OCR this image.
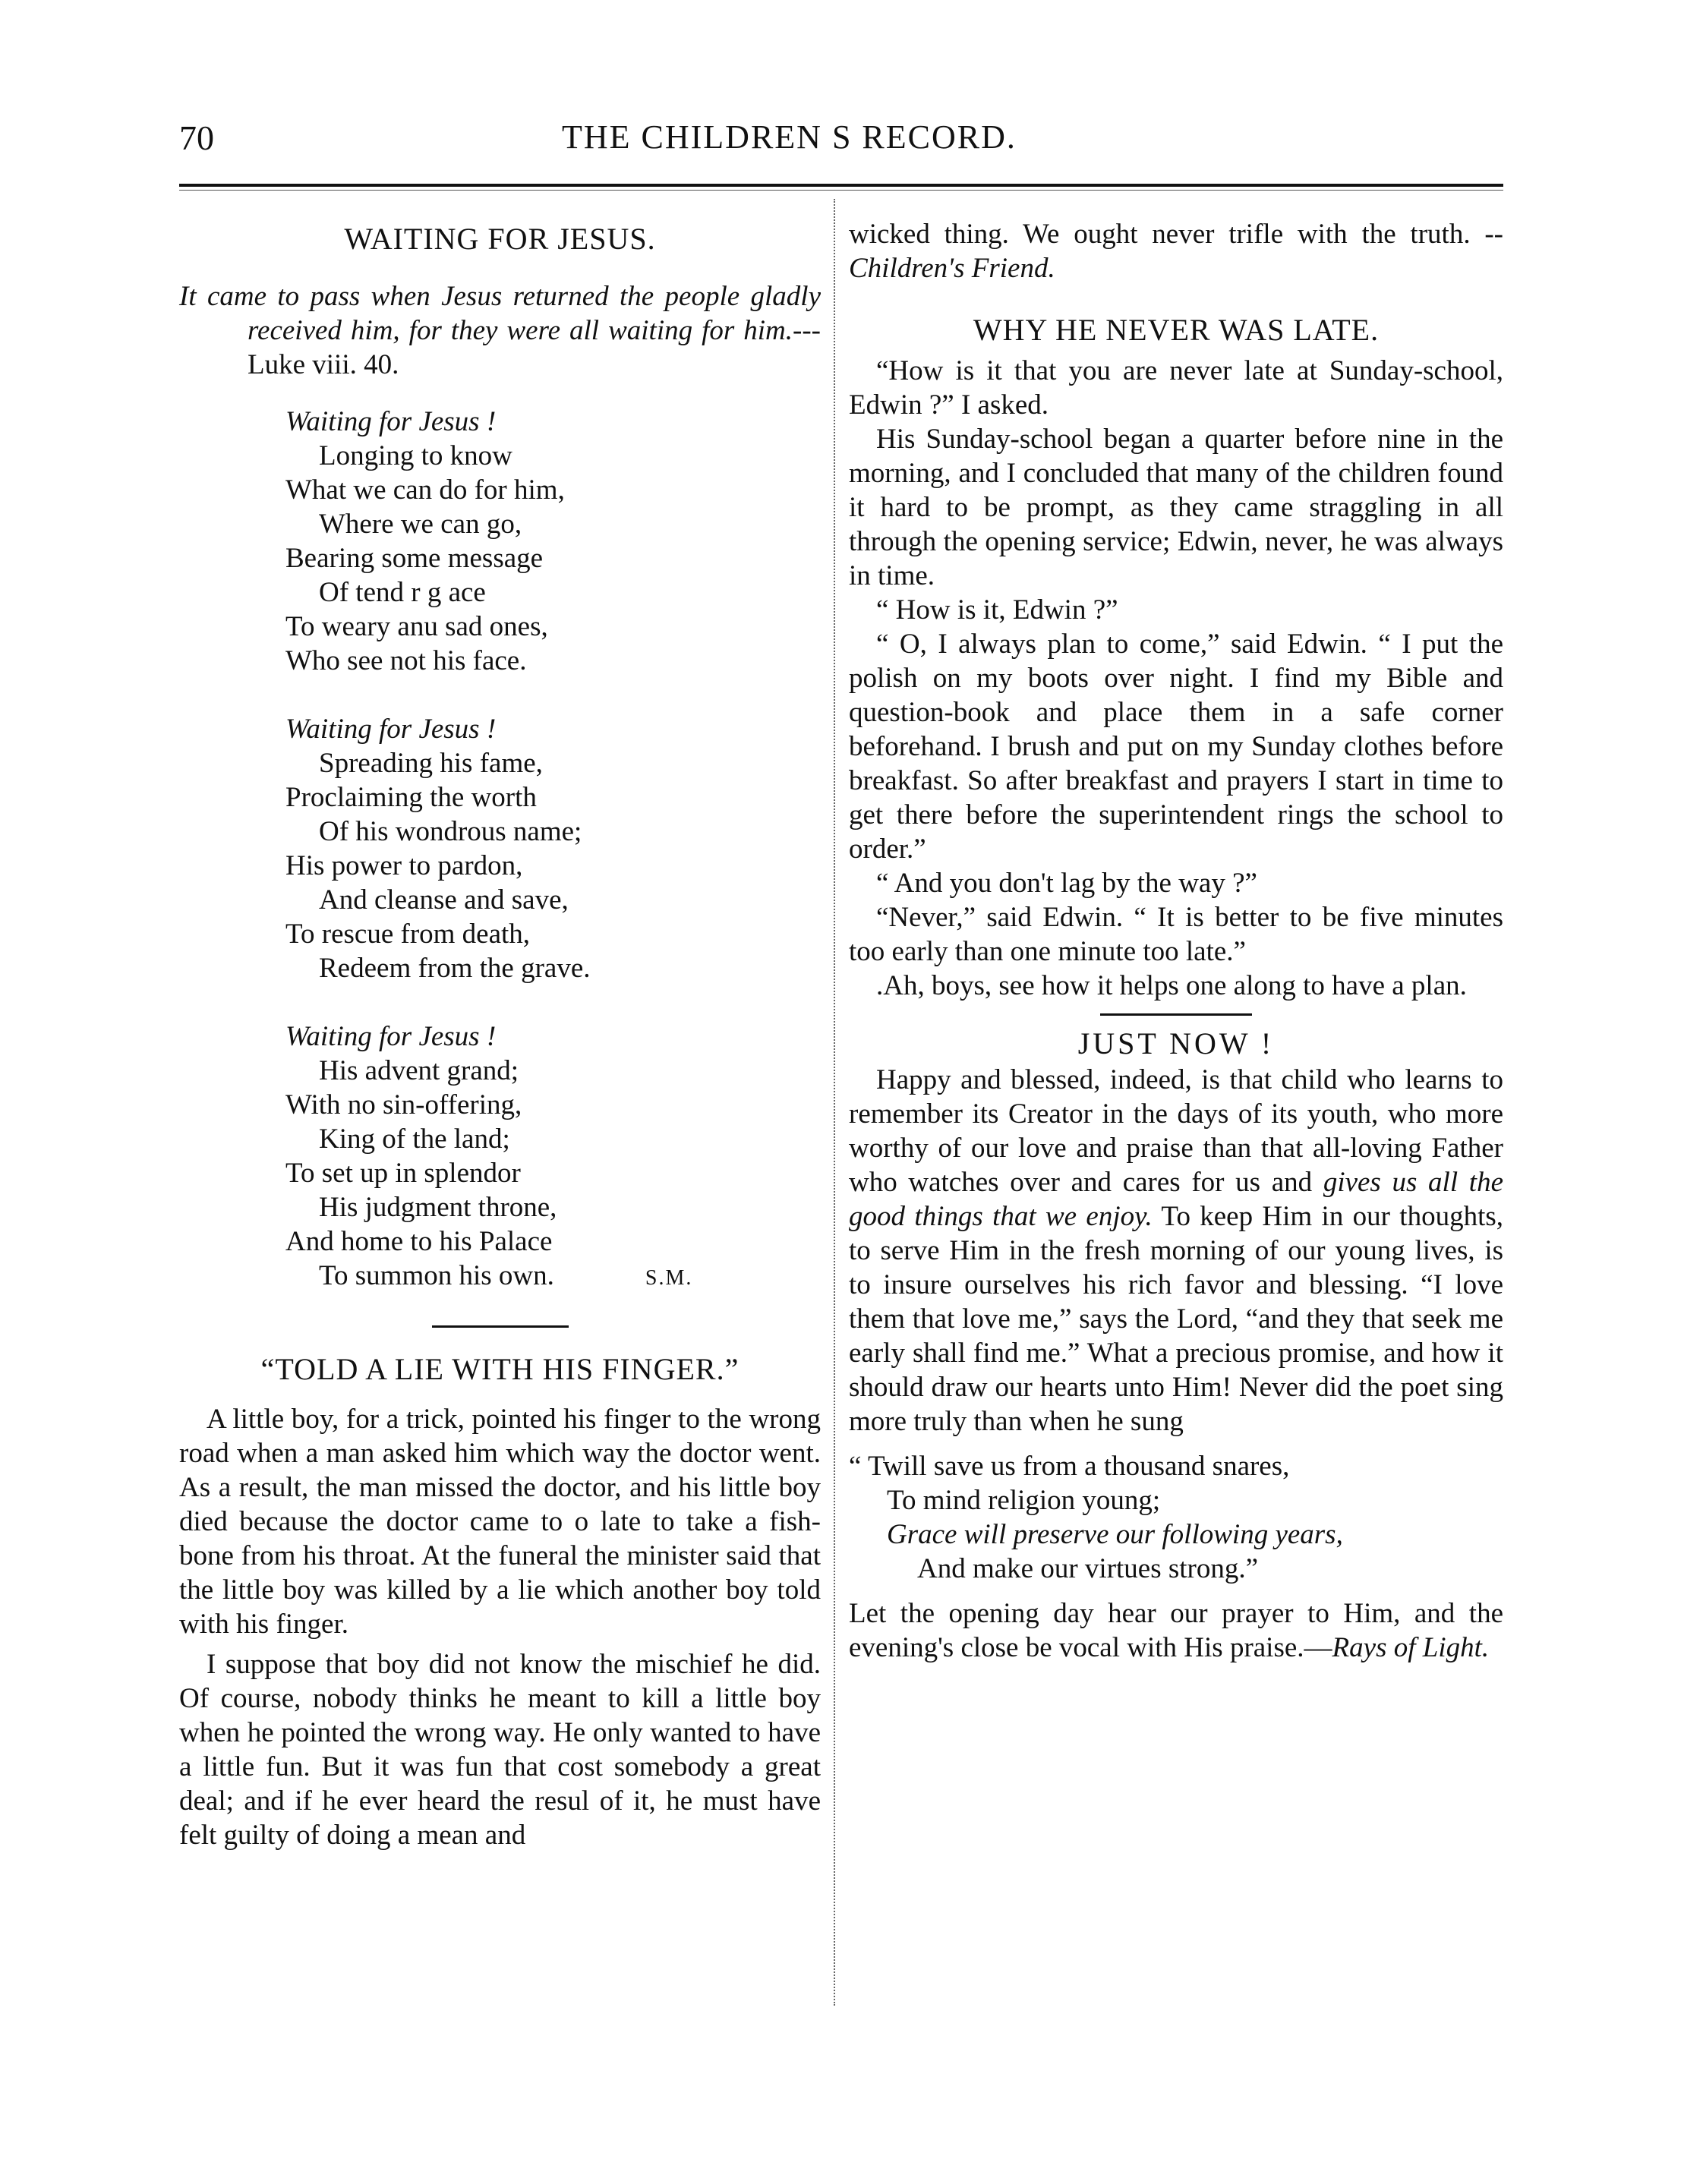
70	THE CHILDREN S RECORD.
WAITING FOR JESUS.

It came to pass when Jesus returned the people gladly received him, for they were all waiting for him.---Luke viii. 40.

Waiting for Jesus !
Longing to know
What we can do for him,
Where we can go,
Bearing some message
Of tend r g ace
To weary anu sad ones,
Who see not his face.
Waiting for Jesus !
Spreading his fame,
Proclaiming the worth
Of his wondrous name;
His power to pardon,
And cleanse and save,
To rescue from death,
Redeem from the grave.
Waiting for Jesus !
His advent grand;
With no sin-offering,
King of the land;
To set up in splendor
His judgment throne,
And home to his Palace
To summon his own.	S.M.
“TOLD A LIE WITH HIS FINGER.”

A little boy, for a trick, pointed his finger to the wrong road when a man asked him which way the doctor went. As a result, the man missed the doctor, and his little boy died because the doctor came to o late to take a fish-bone from his throat. At the funeral the minister said that the little boy was killed by a lie which another boy told with his finger.

I suppose that boy did not know the mischief he did. Of course, nobody thinks he meant to kill a little boy when he pointed the wrong way. He only wanted to have a little fun. But it was fun that cost somebody a great deal; and if he ever heard the resul of it, he must have felt guilty of doing a mean and

wicked thing. We ought never trifle with the truth. --Children's Friend.

WHY HE NEVER WAS LATE.

“How is it that you are never late at Sunday-school, Edwin ?” I asked.

His Sunday-school began a quarter before nine in the morning, and I concluded that many of the children found it hard to be prompt, as they came straggling in all through the opening service; Edwin, never, he was always in time.

“ How is it, Edwin ?”

“ O, I always plan to come,” said Edwin. “ I put the polish on my boots over night. I find my Bible and question-book and place them in a safe corner beforehand. I brush and put on my Sunday clothes before breakfast. So after breakfast and prayers I start in time to get there before the superintendent rings the school to order.”

“ And you don't lag by the way ?”

“Never,” said Edwin. “ It is better to be five minutes too early than one minute too late.”

.Ah, boys, see how it helps one along to have a plan.

JUST NOW !

Happy and blessed, indeed, is that child who learns to remember its Creator in the days of its youth, who more worthy of our love and praise than that all-loving Father who watches over and cares for us and gives us all the good things that we enjoy. To keep Him in our thoughts, to serve Him in the fresh morning of our young lives, is to insure ourselves his rich favor and blessing. “I love them that love me,” says the Lord, “and they that seek me early shall find me.” What a precious promise, and how it should draw our hearts unto Him! Never did the poet sing more truly than when he sung

“ Twill save us from a thousand snares,
To mind religion young;
Grace will preserve our following years,
And make our virtues strong.”

Let the opening day hear our prayer to Him, and the evening's close be vocal with His praise.—Rays of Light.
